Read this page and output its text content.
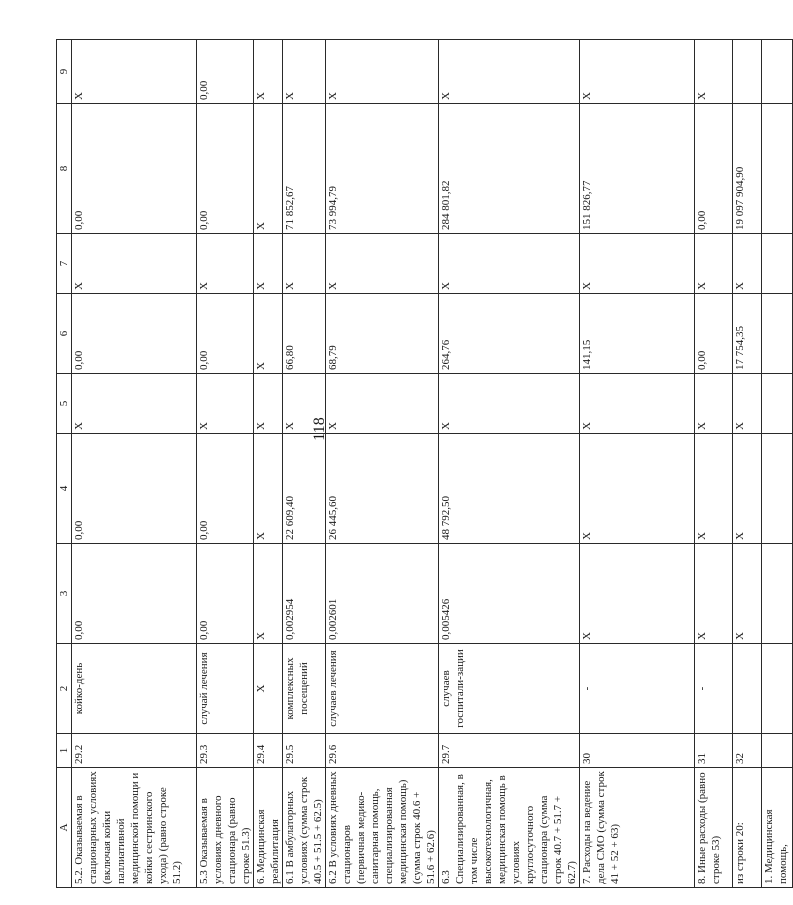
118
А	1	2	3	4	5	6	7	8	9
5.2. Оказываемая в стационарных условиях (включая койки паллиативной медицинской помощи и койки сестринского ухода) (равно строке 51.2)	29.2	койко-день	0,00	0,00	Х	0,00	Х	0,00	Х
5.3 Оказываемая в условиях дневного стационара (равно строке 51.3)	29.3	случай лечения	0,00	0,00	Х	0,00	Х	0,00	0,00
6. Медицинская реабилитация	29.4	Х	Х	Х	Х	Х	Х	Х	Х
6.1 В амбулаторных условиях (сумма строк 40.5 + 51.5 + 62.5)	29.5	комплексных посещений	0,002954	22 609,40	Х	66,80	Х	71 852,67	Х
6.2 В условиях дневных стационаров (первичная медико-санитарная помощь, специализированная медицинская помощь) (сумма строк 40.6 + 51.6 + 62.6)	29.6	случаев лечения	0,002601	26 445,60	Х	68,79	Х	73 994,79	Х
6.3 Специализированная, в том числе высокотехнологичная, медицинская помощь в условиях круглосуточного стационара (сумма строк 40.7 + 51.7 + 62.7)	29.7	случаев госпитали-зации	0,005426	48 792,50	Х	264,76	Х	284 801,82	Х
7. Расходы на ведение дела СМО (сумма строк 41 + 52 + 63)	30	-	Х	Х	Х	141,15	Х	151 826,77	Х
8. Иные расходы (равно строке 53)	31	-	Х	Х	Х	0,00	Х	0,00	Х
из строки 20:	32		Х	Х	Х	17 754,35	Х	19 097 904,90	
1. Медицинская помощь,									
